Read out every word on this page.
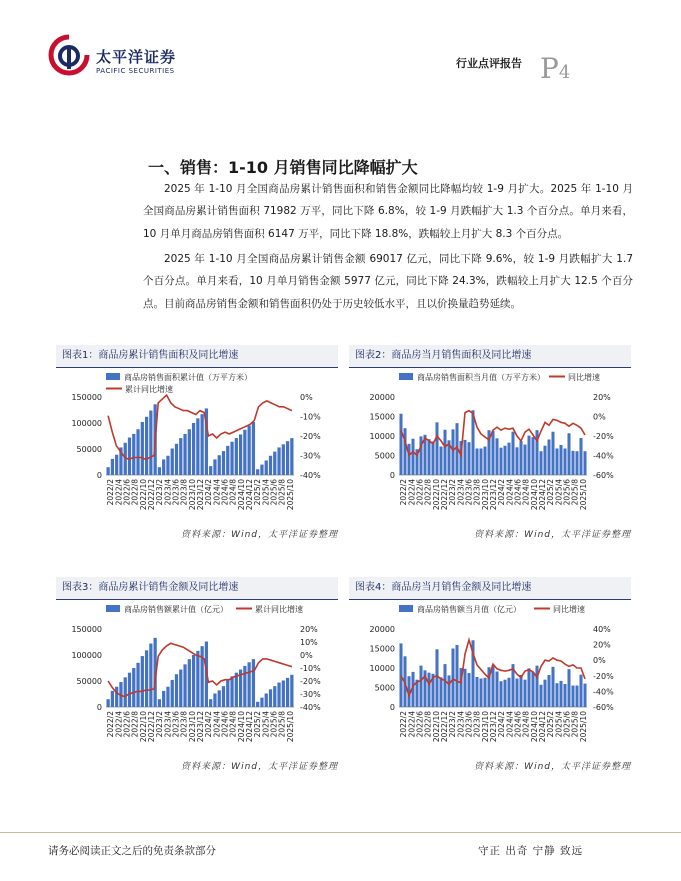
太平洋证券
PACIFIC SECURITIES
行业点评报告 P4
一、销售：1-10 月销售同比降幅扩大
2025 年 1-10 月全国商品房累计销售面积和销售金额同比降幅均较 1-9 月扩大。2025 年 1-10 月全国商品房累计销售面积 71982 万平，同比下降 6.8%，较 1-9 月跌幅扩大 1.3 个百分点。单月来看，10 月单月商品房销售面积 6147 万平，同比下降 18.8%，跌幅较上月扩大 8.3 个百分点。
2025 年 1-10 月全国商品房累计销售金额 69017 亿元，同比下降 9.6%，较 1-9 月跌幅扩大 1.7 个百分点。单月来看，10 月单月销售金额 5977 亿元，同比下降 24.3%，跌幅较上月扩大 12.5 个百分点。目前商品房销售金额和销售面积仍处于历史较低水平，且以价换量趋势延续。
图表1：商品房累计销售面积及同比增速
商品房销售面积累计值（万平方米）
累计同比增速
150000
100000
50000
0
0%
-10%
-20%
-30%
-40%
2022/2 2022/4 2022/6 2022/8 2022/10 2022/12 2023/2 2023/4 2023/6 2023/8 2023/10 2023/12 2024/2 2024/4 2024/6 2024/8 2024/10 2024/12 2025/2 2025/4 2025/6 2025/8 2025/10
资料来源：Wind，太平洋证券整理
图表2：商品房当月销售面积及同比增速
商品房销售面积当月值（万平方米）	同比增速
20000
15000
10000
5000
0
20%
0%
-20%
-40%
-60%
2022/2 2022/4 2022/6 2022/8 2022/10 2022/12 2023/2 2023/4 2023/6 2023/8 2023/10 2023/12 2024/2 2024/4 2024/6 2024/8 2024/10 2024/12 2025/2 2025/4 2025/6 2025/8 2025/10
资料来源：Wind，太平洋证券整理
图表3：商品房累计销售金额及同比增速
商品房销售额累计值（亿元）	累计同比增速
150000
100000
50000
0
20%
10%
0%
-10%
-20%
-30%
-40%
2022/2 2022/4 2022/6 2022/8 2022/10 2022/12 2023/2 2023/4 2023/6 2023/8 2023/10 2023/12 2024/2 2024/4 2024/6 2024/8 2024/10 2024/12 2025/2 2025/4 2025/6 2025/8 2025/10
资料来源：Wind，太平洋证券整理
图表4：商品房当月销售金额及同比增速
商品房销售额当月值（亿元）	同比增速
20000
15000
10000
5000
0
40%
20%
0%
-20%
-40%
-60%
2022/2 2022/4 2022/6 2022/8 2022/10 2022/12 2023/2 2023/4 2023/6 2023/8 2023/10 2023/12 2024/2 2024/4 2024/6 2024/8 2024/10 2024/12 2025/2 2025/4 2025/6 2025/8 2025/10
资料来源：Wind，太平洋证券整理
请务必阅读正文之后的免责条款部分	守正 出奇 宁静 致远
